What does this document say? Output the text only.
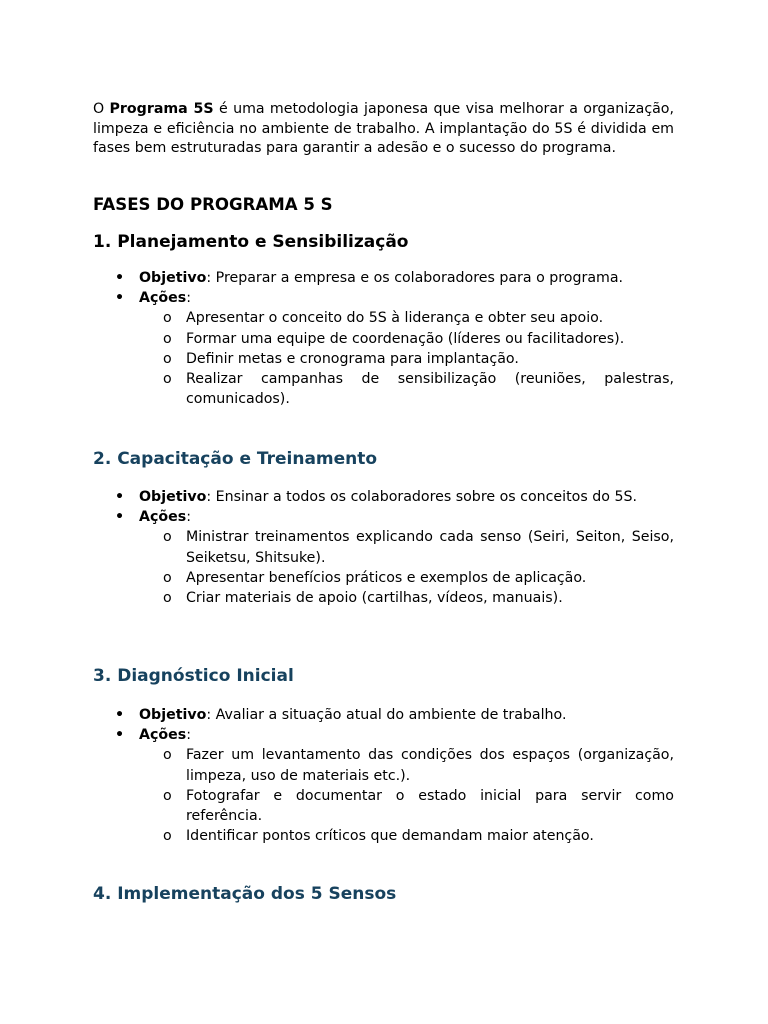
O Programa 5S é uma metodologia japonesa que visa melhorar a organização, limpeza e eficiência no ambiente de trabalho. A implantação do 5S é dividida em fases bem estruturadas para garantir a adesão e o sucesso do programa.

FASES DO PROGRAMA 5 S
1. Planejamento e Sensibilização
• Objetivo: Preparar a empresa e os colaboradores para o programa.
• Ações:
o Apresentar o conceito do 5S à liderança e obter seu apoio.
o Formar uma equipe de coordenação (líderes ou facilitadores).
o Definir metas e cronograma para implantação.
o Realizar campanhas de sensibilização (reuniões, palestras, comunicados).
2. Capacitação e Treinamento
• Objetivo: Ensinar a todos os colaboradores sobre os conceitos do 5S.
• Ações:
o Ministrar treinamentos explicando cada senso (Seiri, Seiton, Seiso, Seiketsu, Shitsuke).
o Apresentar benefícios práticos e exemplos de aplicação.
o Criar materiais de apoio (cartilhas, vídeos, manuais).
3. Diagnóstico Inicial
• Objetivo: Avaliar a situação atual do ambiente de trabalho.
• Ações:
o Fazer um levantamento das condições dos espaços (organização, limpeza, uso de materiais etc.).
o Fotografar e documentar o estado inicial para servir como referência.
o Identificar pontos críticos que demandam maior atenção.
4. Implementação dos 5 Sensos
